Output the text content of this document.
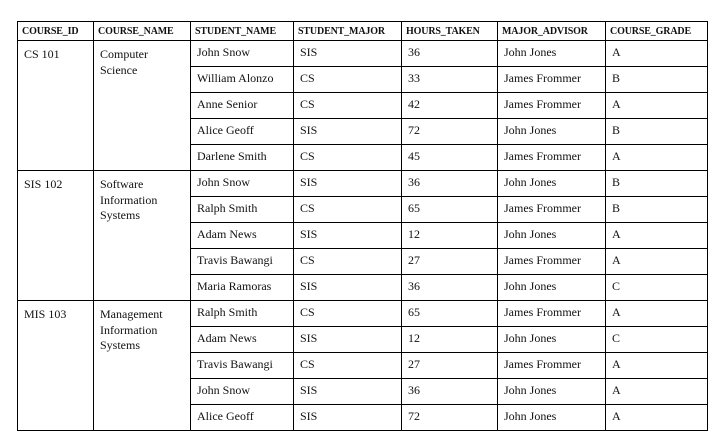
COURSE_ID	COURSE_NAME	STUDENT_NAME	STUDENT_MAJOR	HOURS_TAKEN	MAJOR_ADVISOR	COURSE_GRADE
CS 101	Computer Science	John Snow	SIS	36	John Jones	A
		William Alonzo	CS	33	James Frommer	B
		Anne Senior	CS	42	James Frommer	A
		Alice Geoff	SIS	72	John Jones	B
		Darlene Smith	CS	45	James Frommer	A
SIS 102	Software Information Systems	John Snow	SIS	36	John Jones	B
		Ralph Smith	CS	65	James Frommer	B
		Adam News	SIS	12	John Jones	A
		Travis Bawangi	CS	27	James Frommer	A
		Maria Ramoras	SIS	36	John Jones	C
MIS 103	Management Information Systems	Ralph Smith	CS	65	James Frommer	A
		Adam News	SIS	12	John Jones	C
		Travis Bawangi	CS	27	James Frommer	A
		John Snow	SIS	36	John Jones	A
		Alice Geoff	SIS	72	John Jones	A
